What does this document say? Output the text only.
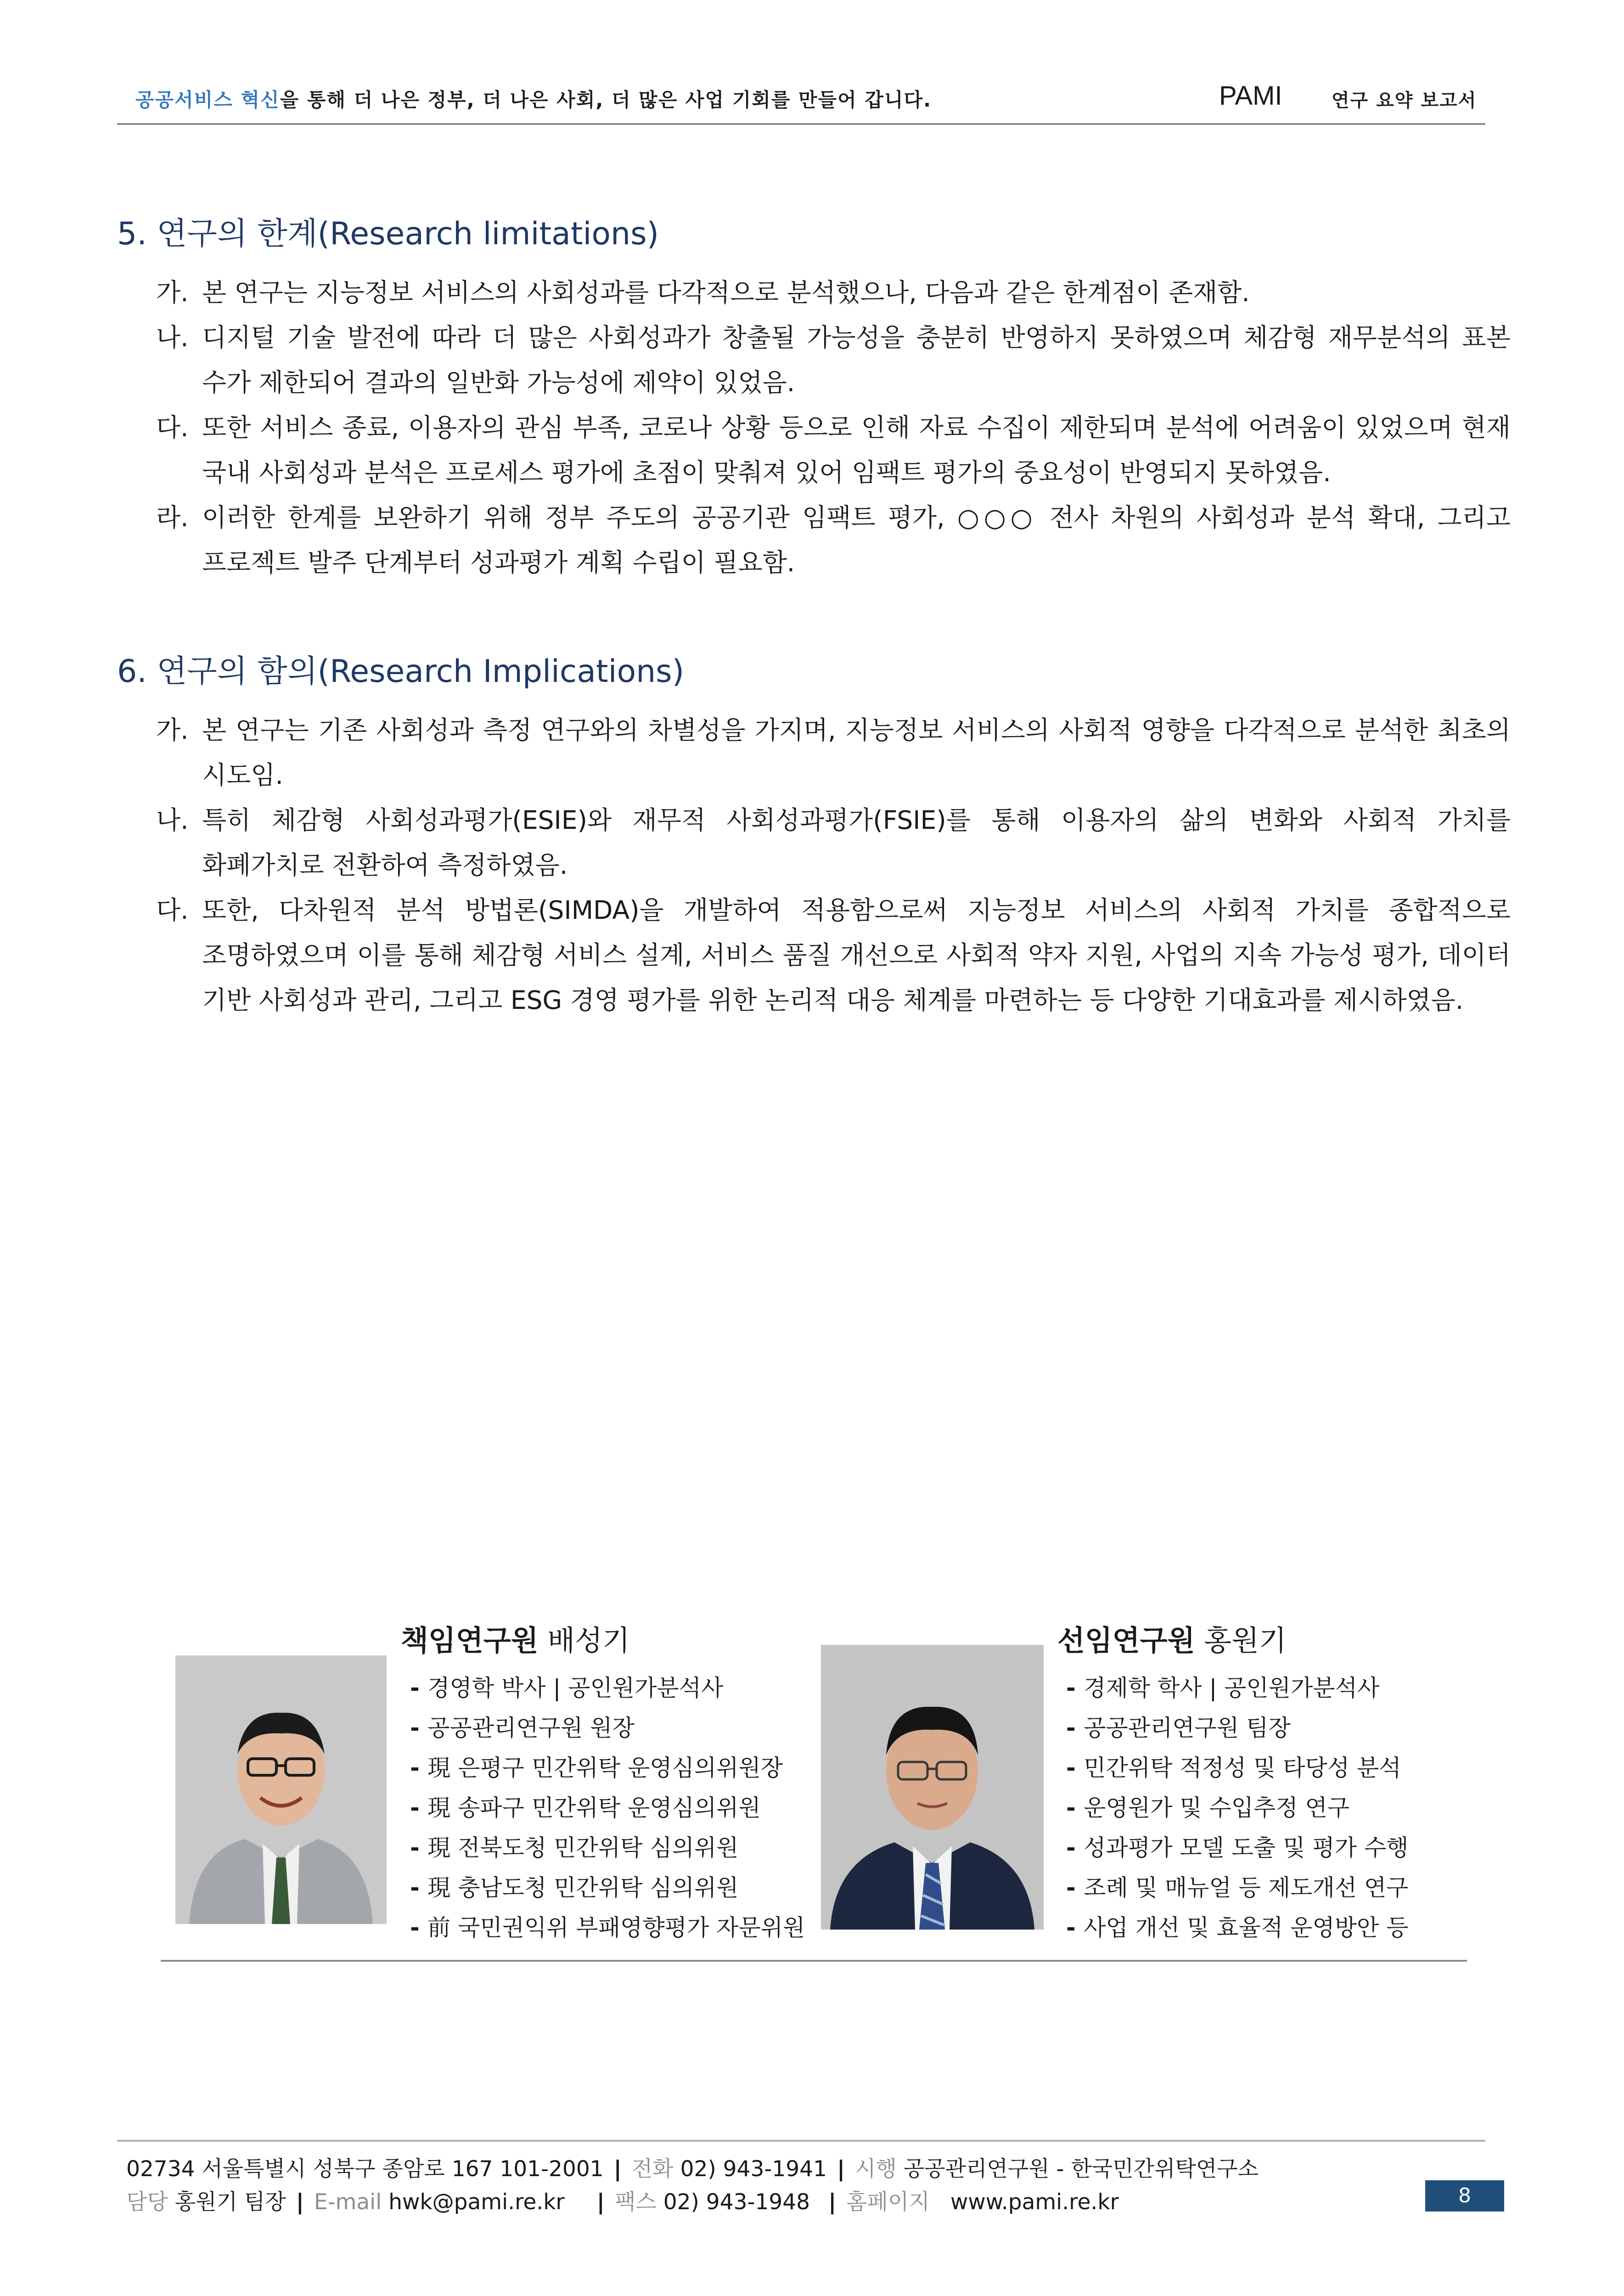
공공서비스 혁신을 통해 더 나은 정부, 더 나은 사회, 더 많은 사업 기회를 만들어 갑니다.	PAMI	연구 요약 보고서
5. 연구의 한계(Research limitations)
가. 본 연구는 지능정보 서비스의 사회성과를 다각적으로 분석했으나, 다음과 같은 한계점이 존재함.
나. 디지털 기술 발전에 따라 더 많은 사회성과가 창출될 가능성을 충분히 반영하지 못하였으며 체감형 재무분석의 표본 수가 제한되어 결과의 일반화 가능성에 제약이 있었음.
다. 또한 서비스 종료, 이용자의 관심 부족, 코로나 상황 등으로 인해 자료 수집이 제한되며 분석에 어려움이 있었으며 현재 국내 사회성과 분석은 프로세스 평가에 초점이 맞춰져 있어 임팩트 평가의 중요성이 반영되지 못하였음.
라. 이러한 한계를 보완하기 위해 정부 주도의 공공기관 임팩트 평가, ○○○ 전사 차원의 사회성과 분석 확대, 그리고 프로젝트 발주 단계부터 성과평가 계획 수립이 필요함.
6. 연구의 함의(Research Implications)
가. 본 연구는 기존 사회성과 측정 연구와의 차별성을 가지며, 지능정보 서비스의 사회적 영향을 다각적으로 분석한 최초의 시도임.
나. 특히 체감형 사회성과평가(ESIE)와 재무적 사회성과평가(FSIE)를 통해 이용자의 삶의 변화와 사회적 가치를 화폐가치로 전환하여 측정하였음.
다. 또한, 다차원적 분석 방법론(SIMDA)을 개발하여 적용함으로써 지능정보 서비스의 사회적 가치를 종합적으로 조명하였으며 이를 통해 체감형 서비스 설계, 서비스 품질 개선으로 사회적 약자 지원, 사업의 지속 가능성 평가, 데이터 기반 사회성과 관리, 그리고 ESG 경영 평가를 위한 논리적 대응 체계를 마련하는 등 다양한 기대효과를 제시하였음.
책임연구원 배성기
- 경영학 박사 | 공인원가분석사
- 공공관리연구원 원장
- 現 은평구 민간위탁 운영심의위원장
- 現 송파구 민간위탁 운영심의위원
- 現 전북도청 민간위탁 심의위원
- 現 충남도청 민간위탁 심의위원
- 前 국민권익위 부패영향평가 자문위원
선임연구원 홍원기
- 경제학 학사 | 공인원가분석사
- 공공관리연구원 팀장
- 민간위탁 적정성 및 타당성 분석
- 운영원가 및 수입추정 연구
- 성과평가 모델 도출 및 평가 수행
- 조례 및 매뉴얼 등 제도개선 연구
- 사업 개선 및 효율적 운영방안 등
02734 서울특별시 성북구 종암로 167 101-2001 | 전화 02) 943-1941 | 시행 공공관리연구원 - 한국민간위탁연구소
담당 홍원기 팀장 | E-mail hwk@pami.re.kr | 팩스 02) 943-1948 | 홈페이지 www.pami.re.kr	8
